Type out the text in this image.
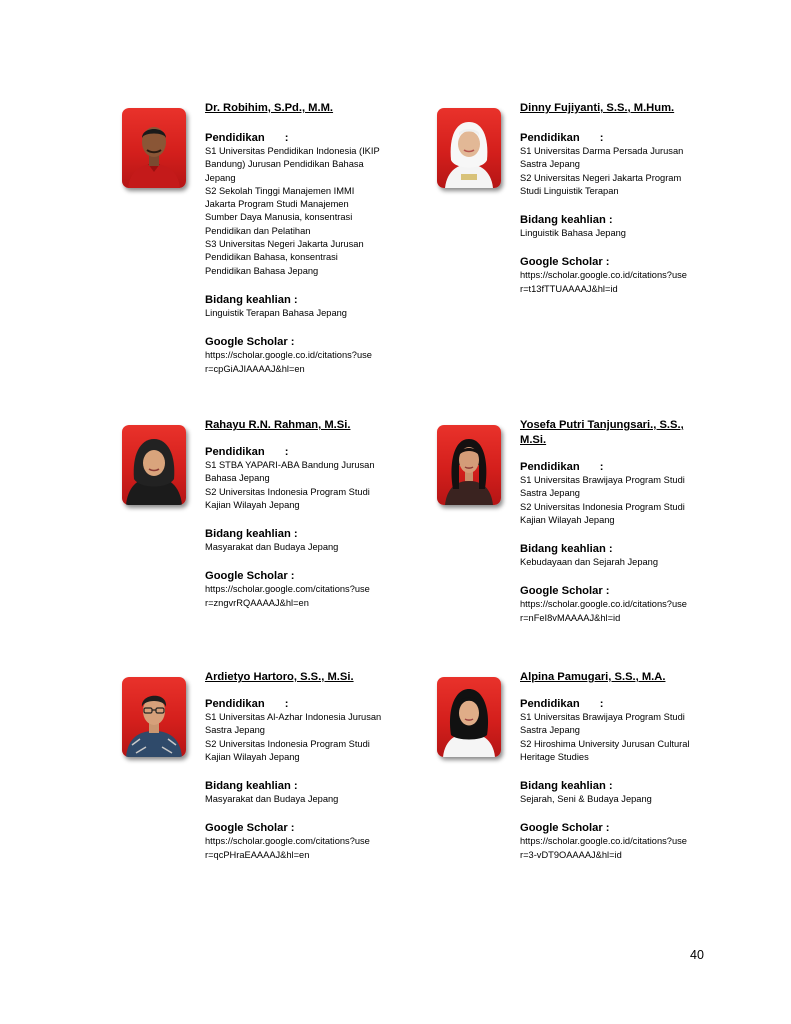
Dr. Robihim, S.Pd., M.M.

Pendidikan :

S1 Universitas Pendidikan Indonesia (IKIP

Bandung) Jurusan Pendidikan Bahasa

Jepang

S2 Sekolah Tinggi Manajemen IMMI

Jakarta Program Studi Manajemen

Sumber Daya Manusia, konsentrasi

Pendidikan dan Pelatihan

S3 Universitas Negeri Jakarta Jurusan

Pendidikan Bahasa, konsentrasi

Pendidikan Bahasa Jepang

Bidang keahlian :

Linguistik Terapan Bahasa Jepang

Google Scholar :

https://scholar.google.co.id/citations?use

r=cpGiAJIAAAAJ&hl=en

Dinny Fujiyanti, S.S., M.Hum.

Pendidikan :

S1 Universitas Darma Persada Jurusan

Sastra Jepang

S2 Universitas Negeri Jakarta Program

Studi Linguistik Terapan

Bidang keahlian :

Linguistik Bahasa Jepang

Google Scholar :

https://scholar.google.co.id/citations?use

r=t13fTTUAAAAJ&hl=id

Rahayu R.N. Rahman, M.Si.

Pendidikan :

S1 STBA YAPARI-ABA Bandung Jurusan

Bahasa Jepang

S2 Universitas Indonesia Program Studi

Kajian Wilayah Jepang

Bidang keahlian :

Masyarakat dan Budaya Jepang

Google Scholar :

https://scholar.google.com/citations?use

r=zngvrRQAAAAJ&hl=en

Yosefa Putri Tanjungsari., S.S.,

M.Si.

Pendidikan :

S1 Universitas Brawijaya Program Studi

Sastra Jepang

S2 Universitas Indonesia Program Studi

Kajian Wilayah Jepang

Bidang keahlian :

Kebudayaan dan Sejarah Jepang

Google Scholar :

https://scholar.google.co.id/citations?use

r=nFeI8vMAAAAJ&hl=id

Ardietyo Hartoro, S.S., M.Si.

Pendidikan :

S1 Universitas Al-Azhar Indonesia Jurusan

Sastra Jepang

S2 Universitas Indonesia Program Studi

Kajian Wilayah Jepang

Bidang keahlian :

Masyarakat dan Budaya Jepang

Google Scholar :

https://scholar.google.com/citations?use

r=qcPHraEAAAAJ&hl=en

Alpina Pamugari, S.S., M.A.

Pendidikan :

S1 Universitas Brawijaya Program Studi

Sastra Jepang

S2 Hiroshima University Jurusan Cultural

Heritage Studies

Bidang keahlian :

Sejarah, Seni & Budaya Jepang

Google Scholar :

https://scholar.google.co.id/citations?use

r=3-vDT9OAAAAJ&hl=id

40
